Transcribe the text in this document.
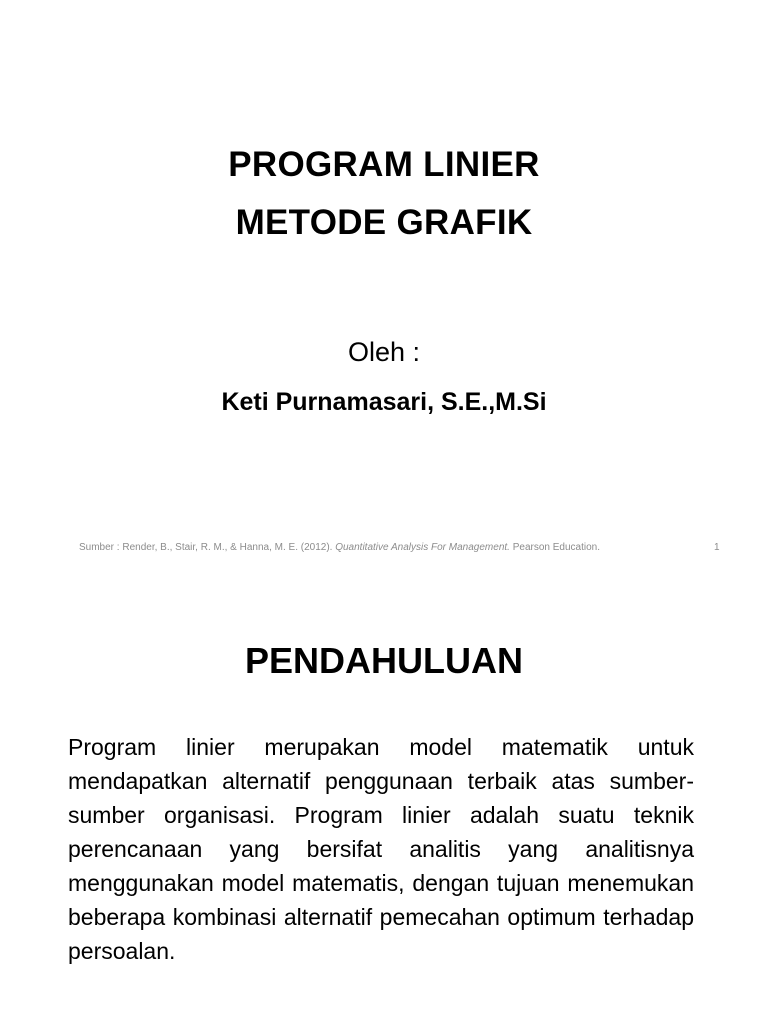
PROGRAM LINIER
METODE GRAFIK
Oleh :
Keti Purnamasari, S.E.,M.Si
Sumber : Render, B., Stair, R. M., & Hanna, M. E. (2012). Quantitative Analysis For Management. Pearson Education.	1
PENDAHULUAN
Program linier merupakan model matematik untuk mendapatkan alternatif penggunaan terbaik atas sumber-sumber organisasi. Program linier adalah suatu teknik perencanaan yang bersifat analitis yang analitisnya menggunakan model matematis, dengan tujuan menemukan beberapa kombinasi alternatif pemecahan optimum terhadap persoalan.
